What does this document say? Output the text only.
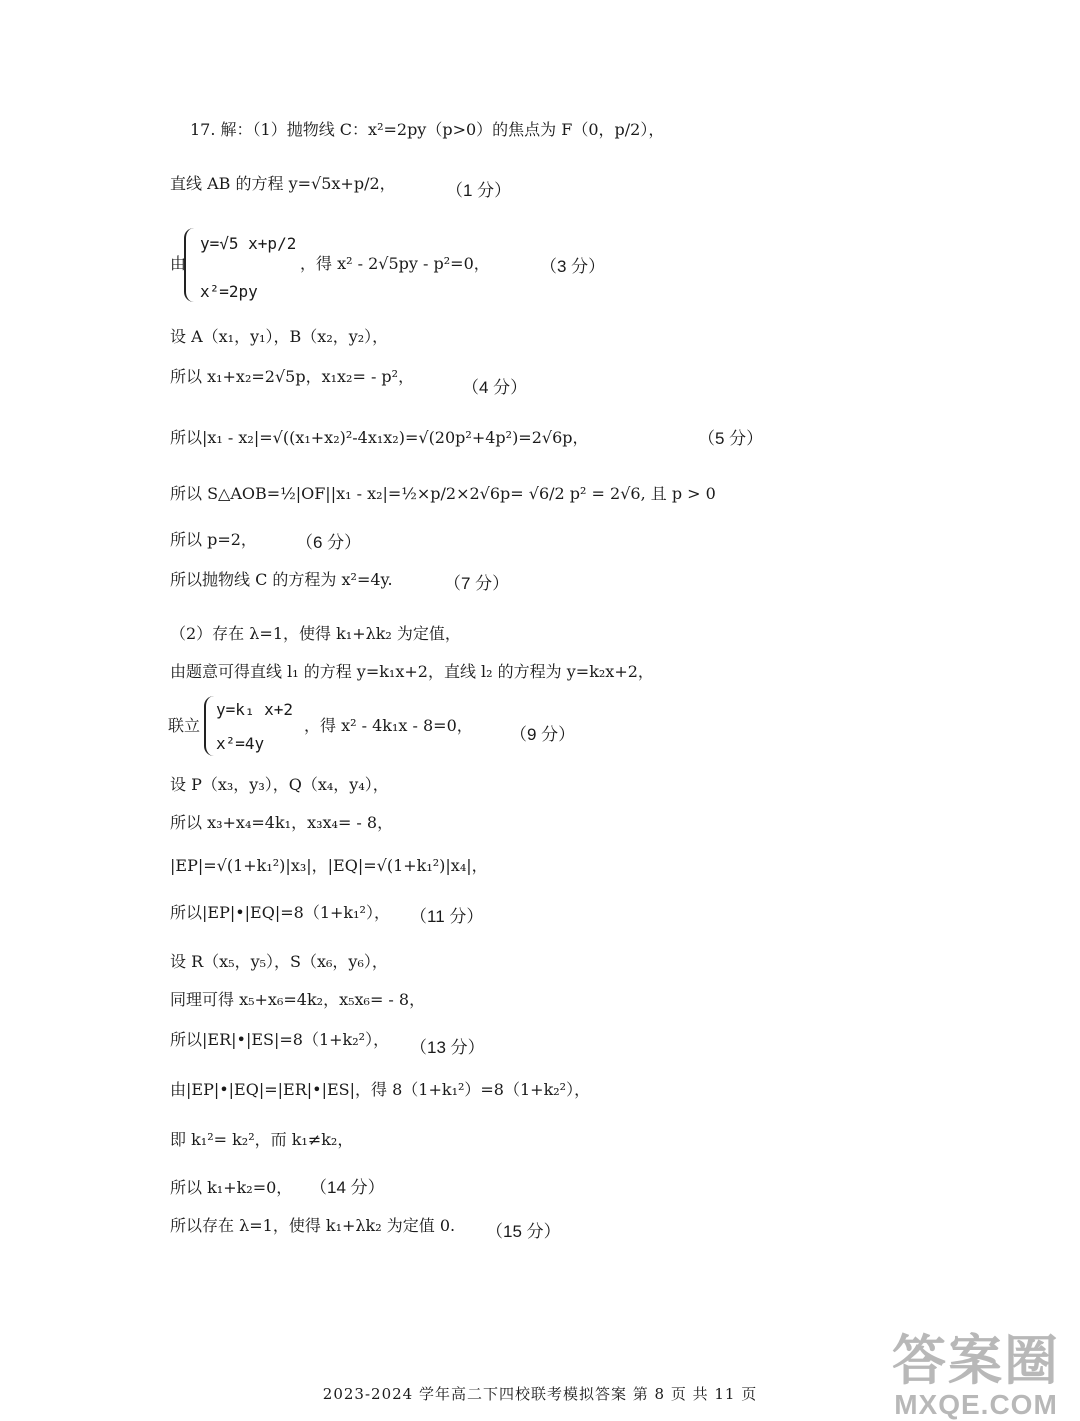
17. 解：（1）抛物线 C：x²=2py（p>0）的焦点为 F（0，p/2），
直线 AB 的方程 y=√5x+p/2，	（1 分）
由
y=√5 x+p/2
x²=2py
，得 x² - 2√5py - p²=0，	（3 分）
设 A（x₁，y₁），B（x₂，y₂），
所以 x₁+x₂=2√5p，x₁x₂= - p²，
（4 分）
所以|x₁ - x₂|=√((x₁+x₂)²-4x₁x₂)=√(20p²+4p²)=2√6p，	（5 分）
所以 S△AOB=½|OF||x₁ - x₂|=½×p/2×2√6p= √6/2 p² = 2√6, 且 p > 0
所以 p=2， （6 分）
所以抛物线 C 的方程为 x²=4y.	（7 分）
（2）存在 λ=1，使得 k₁+λk₂ 为定值，
由题意可得直线 l₁ 的方程 y=k₁x+2，直线 l₂ 的方程为 y=k₂x+2，
联立
y=k₁ x+2
x²=4y
，得 x² - 4k₁x - 8=0， （9 分）
设 P（x₃，y₃），Q（x₄，y₄），
所以 x₃+x₄=4k₁，x₃x₄= - 8，
|EP|=√(1+k₁²)|x₃|，|EQ|=√(1+k₁²)|x₄|，
所以|EP|•|EQ|=8（1+k₁²）， （11 分）
设 R（x₅，y₅），S（x₆，y₆），
同理可得 x₅+x₆=4k₂，x₅x₆= - 8，
所以|ER|•|ES|=8（1+k₂²）， （13 分）
由|EP|•|EQ|=|ER|•|ES|，得 8（1+k₁²）=8（1+k₂²），
即 k₁²= k₂²，而 k₁≠k₂，
所以 k₁+k₂=0， （14 分）
所以存在 λ=1，使得 k₁+λk₂ 为定值 0. （15 分）
2023-2024 学年高二下四校联考模拟答案 第 8 页 共 11 页
答案圈
MXQE.COM
